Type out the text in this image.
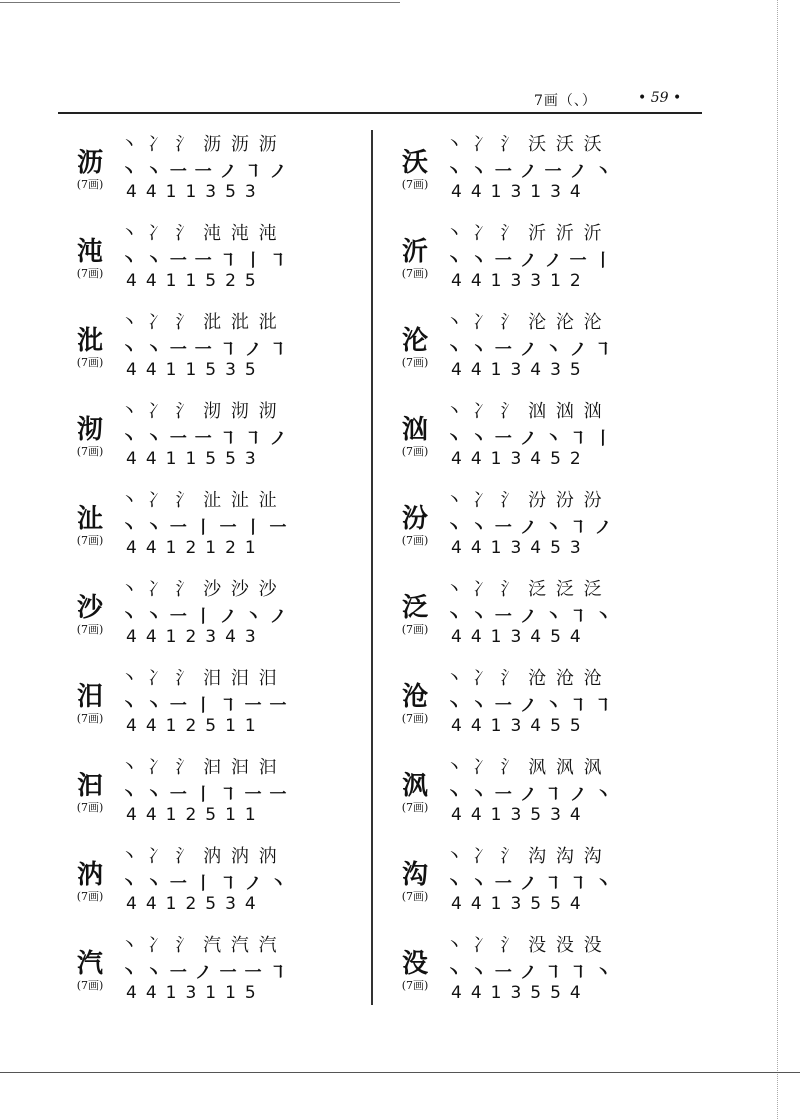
7画（、）	• 59 •
沥
(7画)
丶 冫 氵 沥 沥 沥
丶 丶 一 一 ノ ㇕ ノ
4411353
沌
(7画)
丶 冫 氵 沌 沌 沌
丶 丶 一 一 ㇕ 丨 ㇕
4411525
沘
(7画)
丶 冫 氵 沘 沘 沘
丶 丶 一 一 ㇕ ノ ㇕
4411535
沏
(7画)
丶 冫 氵 沏 沏 沏
丶 丶 一 一 ㇕ ㇕ ノ
4411553
沚
(7画)
丶 冫 氵 沚 沚 沚
丶 丶 一 丨 一 丨 一
4412121
沙
(7画)
丶 冫 氵 沙 沙 沙
丶 丶 一 丨 ノ 丶 ノ
4412343
汨
(7画)
丶 冫 氵 汨 汨 汨
丶 丶 一 丨 ㇕ 一 一
4412511
汩
(7画)
丶 冫 氵 汩 汩 汩
丶 丶 一 丨 ㇕ 一 一
4412511
汭
(7画)
丶 冫 氵 汭 汭 汭
丶 丶 一 丨 ㇕ ノ 丶
4412534
汽
(7画)
丶 冫 氵 汽 汽 汽
丶 丶 一 ノ 一 一 ㇕
4413115
沃
(7画)
丶 冫 氵 沃 沃 沃
丶 丶 一 ノ 一 ノ 丶
4413134
沂
(7画)
丶 冫 氵 沂 沂 沂
丶 丶 一 ノ ノ 一 丨
4413312
沦
(7画)
丶 冫 氵 沦 沦 沦
丶 丶 一 ノ 丶 ノ ㇕
4413435
汹
(7画)
丶 冫 氵 汹 汹 汹
丶 丶 一 ノ 丶 ㇕ 丨
4413452
汾
(7画)
丶 冫 氵 汾 汾 汾
丶 丶 一 ノ 丶 ㇕ ノ
4413453
泛
(7画)
丶 冫 氵 泛 泛 泛
丶 丶 一 ノ 丶 ㇕ 丶
4413454
沧
(7画)
丶 冫 氵 沧 沧 沧
丶 丶 一 ノ 丶 ㇕ ㇕
4413455
沨
(7画)
丶 冫 氵 沨 沨 沨
丶 丶 一 ノ ㇕ ノ 丶
4413534
沟
(7画)
丶 冫 氵 沟 沟 沟
丶 丶 一 ノ ㇕ ㇕ 丶
4413554
没
(7画)
丶 冫 氵 没 没 没
丶 丶 一 ノ ㇕ ㇕ 丶
4413554
